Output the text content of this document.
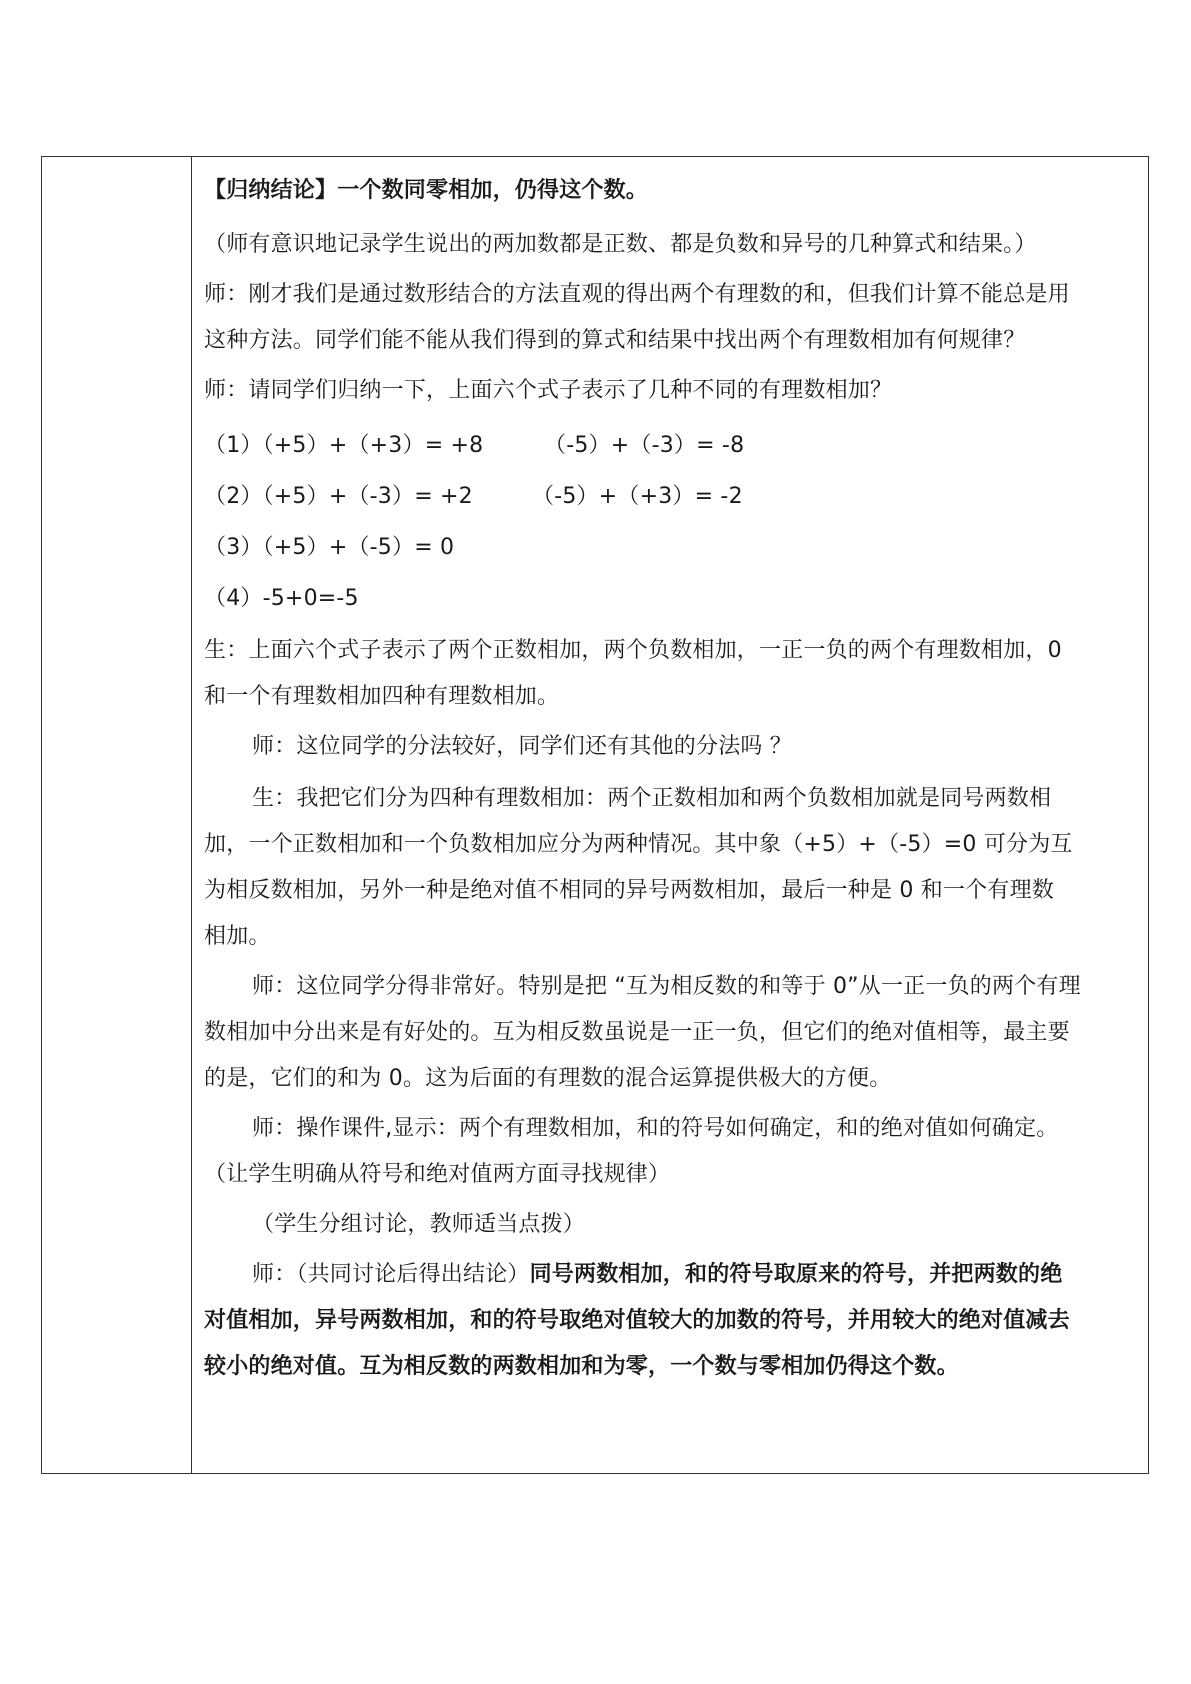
【归纳结论】一个数同零相加，仍得这个数。
（师有意识地记录学生说出的两加数都是正数、都是负数和异号的几种算式和结果。）
师：刚才我们是通过数形结合的方法直观的得出两个有理数的和，但我们计算不能总是用
这种方法。同学们能不能从我们得到的算式和结果中找出两个有理数相加有何规律？
师：请同学们归纳一下，上面六个式子表示了几种不同的有理数相加？
（1）（+5）+（+3）= +8	（-5）+（-3）= -8
（2）（+5）+（-3）= +2	（-5）+（+3）= -2
（3）（+5）+（-5）= 0
（4）-5+0=-5
生：上面六个式子表示了两个正数相加，两个负数相加，一正一负的两个有理数相加，0
和一个有理数相加四种有理数相加。
师：这位同学的分法较好，同学们还有其他的分法吗 ？
生：我把它们分为四种有理数相加：两个正数相加和两个负数相加就是同号两数相
加，一个正数相加和一个负数相加应分为两种情况。其中象（+5）+（-5）=0 可分为互
为相反数相加，另外一种是绝对值不相同的异号两数相加，最后一种是 0 和一个有理数
相加。
师：这位同学分得非常好。特别是把 “互为相反数的和等于 0”从一正一负的两个有理
数相加中分出来是有好处的。互为相反数虽说是一正一负，但它们的绝对值相等，最主要
的是，它们的和为 0。这为后面的有理数的混合运算提供极大的方便。
师：操作课件,显示：两个有理数相加，和的符号如何确定，和的绝对值如何确定。
（让学生明确从符号和绝对值两方面寻找规律）
（学生分组讨论，教师适当点拨）
师：（共同讨论后得出结论）同号两数相加，和的符号取原来的符号，并把两数的绝
对值相加，异号两数相加，和的符号取绝对值较大的加数的符号，并用较大的绝对值减去
较小的绝对值。互为相反数的两数相加和为零，一个数与零相加仍得这个数。
